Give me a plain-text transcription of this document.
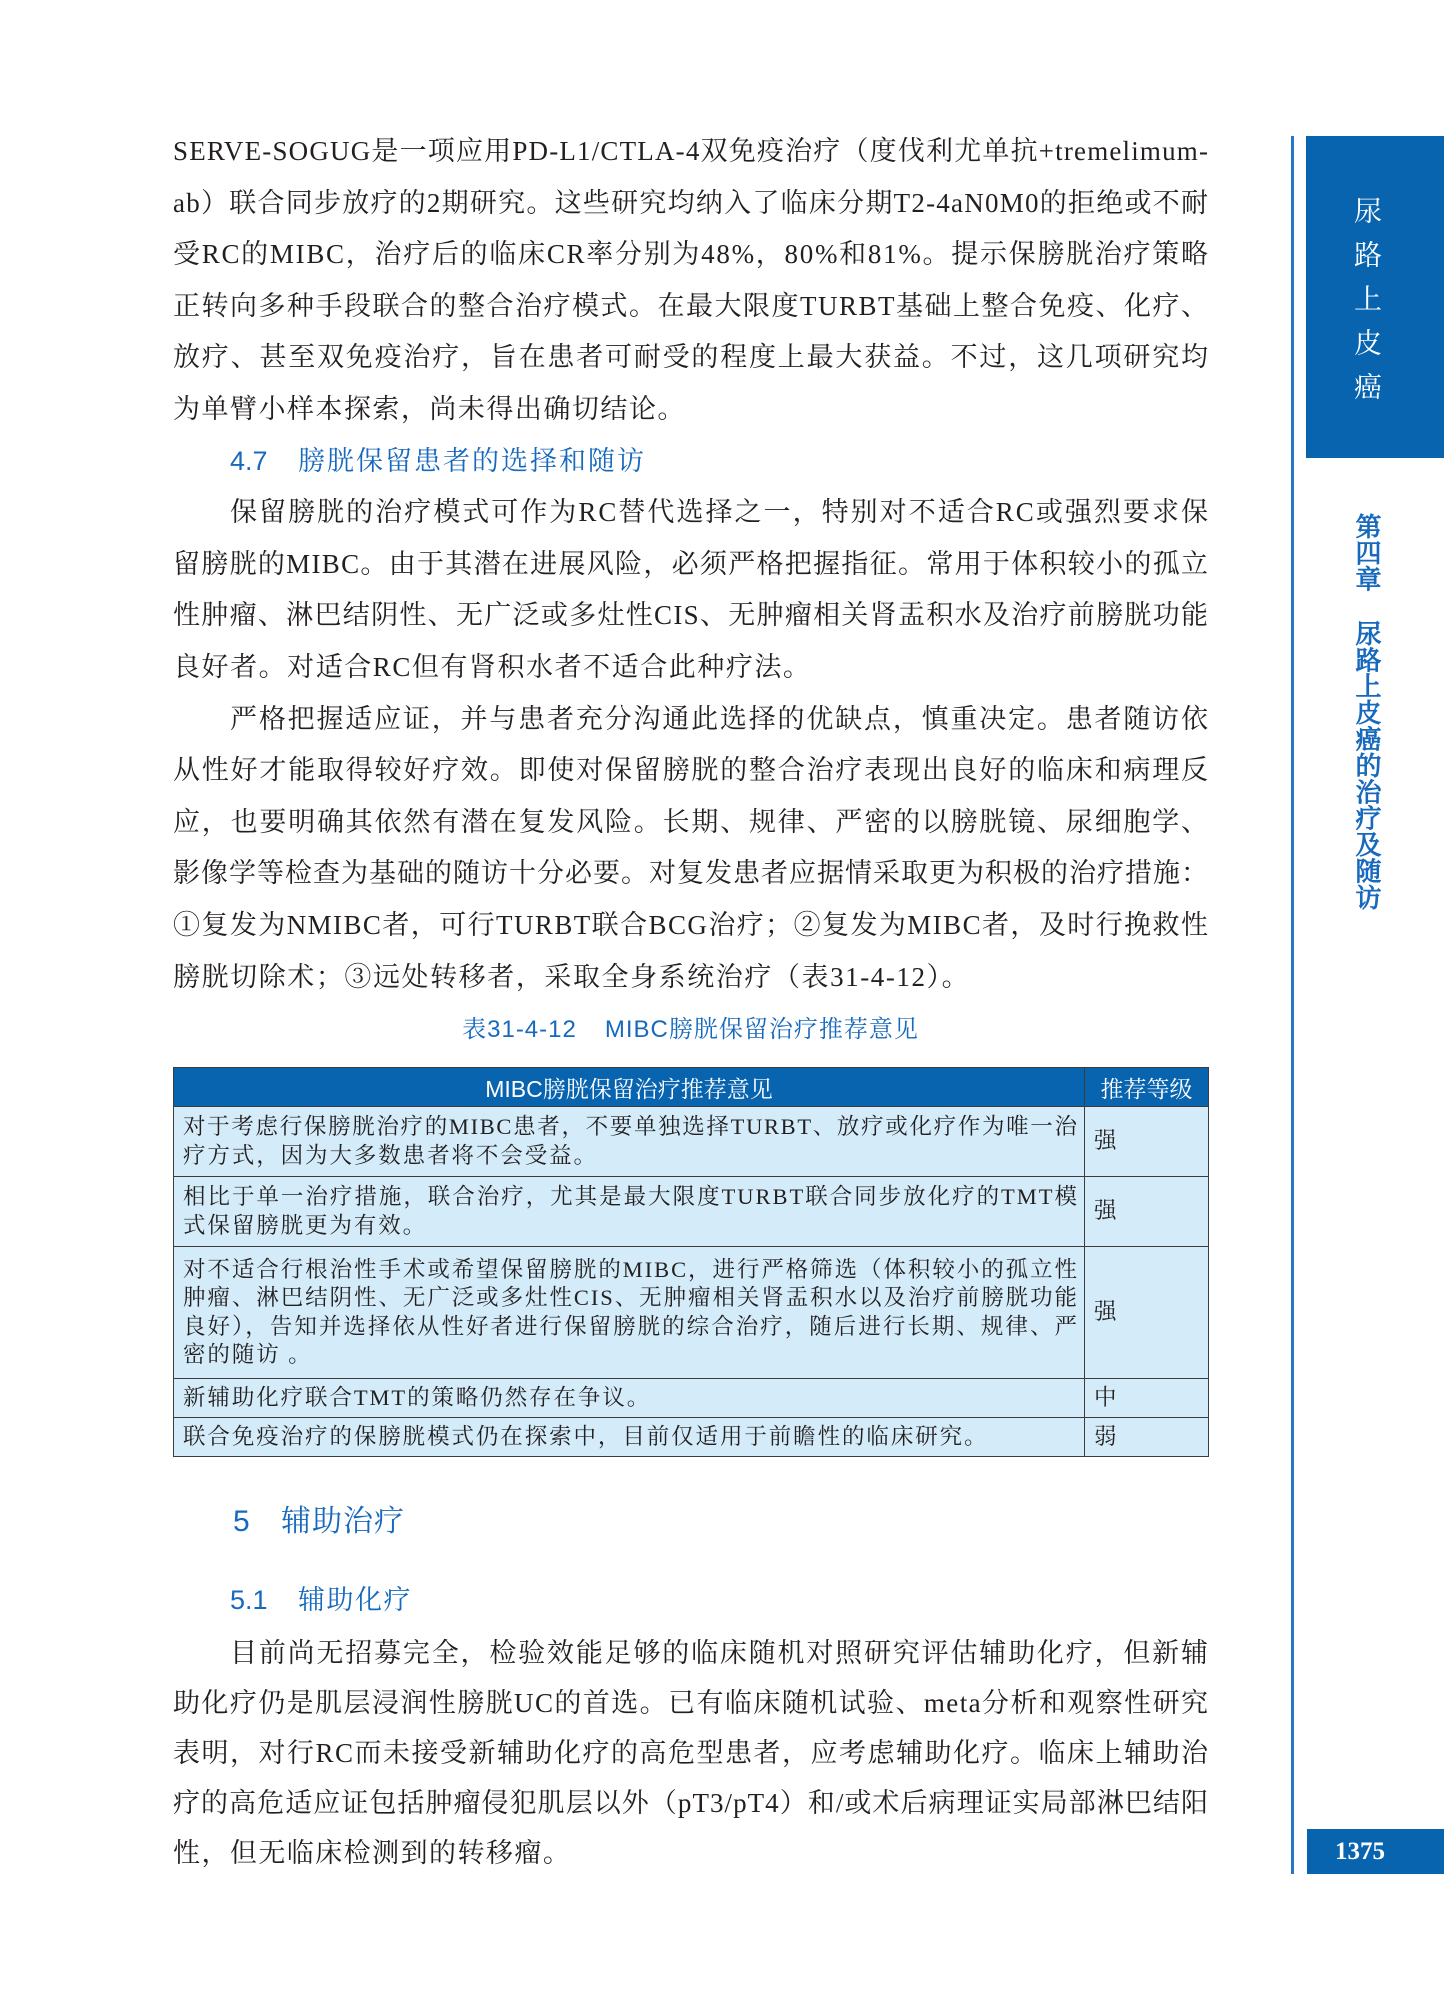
SERVE-SOGUG是一项应用PD-L1/CTLA-4双免疫治疗（度伐利尤单抗+tremelimum-
ab）联合同步放疗的2期研究。这些研究均纳入了临床分期T2-4aN0M0的拒绝或不耐
受RC的MIBC，治疗后的临床CR率分别为48%，80%和81%。提示保膀胱治疗策略
正转向多种手段联合的整合治疗模式。在最大限度TURBT基础上整合免疫、化疗、
放疗、甚至双免疫治疗，旨在患者可耐受的程度上最大获益。不过，这几项研究均
为单臂小样本探索，尚未得出确切结论。
4.7 膀胱保留患者的选择和随访
保留膀胱的治疗模式可作为RC替代选择之一，特别对不适合RC或强烈要求保
留膀胱的MIBC。由于其潜在进展风险，必须严格把握指征。常用于体积较小的孤立
性肿瘤、淋巴结阴性、无广泛或多灶性CIS、无肿瘤相关肾盂积水及治疗前膀胱功能
良好者。对适合RC但有肾积水者不适合此种疗法。
严格把握适应证，并与患者充分沟通此选择的优缺点，慎重决定。患者随访依
从性好才能取得较好疗效。即使对保留膀胱的整合治疗表现出良好的临床和病理反
应，也要明确其依然有潜在复发风险。长期、规律、严密的以膀胱镜、尿细胞学、
影像学等检查为基础的随访十分必要。对复发患者应据情采取更为积极的治疗措施：
①复发为NMIBC者，可行TURBT联合BCG治疗；②复发为MIBC者，及时行挽救性
膀胱切除术；③远处转移者，采取全身系统治疗（表31-4-12）。
表31-4-12 MIBC膀胱保留治疗推荐意见
MIBC膀胱保留治疗推荐意见	推荐等级

对于考虑行保膀胱治疗的MIBC患者，不要单独选择TURBT、放疗或化疗作为唯一治
疗方式，因为大多数患者将不会受益。	强

相比于单一治疗措施，联合治疗，尤其是最大限度TURBT联合同步放化疗的TMT模
式保留膀胱更为有效。	强

对不适合行根治性手术或希望保留膀胱的MIBC，进行严格筛选（体积较小的孤立性
肿瘤、淋巴结阴性、无广泛或多灶性CIS、无肿瘤相关肾盂积水以及治疗前膀胱功能
良好），告知并选择依从性好者进行保留膀胱的综合治疗，随后进行长期、规律、严
密的随访 。	强

新辅助化疗联合TMT的策略仍然存在争议。	中

联合免疫治疗的保膀胱模式仍在探索中，目前仅适用于前瞻性的临床研究。	弱
5 辅助治疗
5.1 辅助化疗
目前尚无招募完全，检验效能足够的临床随机对照研究评估辅助化疗，但新辅
助化疗仍是肌层浸润性膀胱UC的首选。已有临床随机试验、meta分析和观察性研究
表明，对行RC而未接受新辅助化疗的高危型患者，应考虑辅助化疗。临床上辅助治
疗的高危适应证包括肿瘤侵犯肌层以外（pT3/pT4）和/或术后病理证实局部淋巴结阳
性，但无临床检测到的转移瘤。
尿路上皮癌
第四章
尿路上皮癌的治疗及随访
1375
